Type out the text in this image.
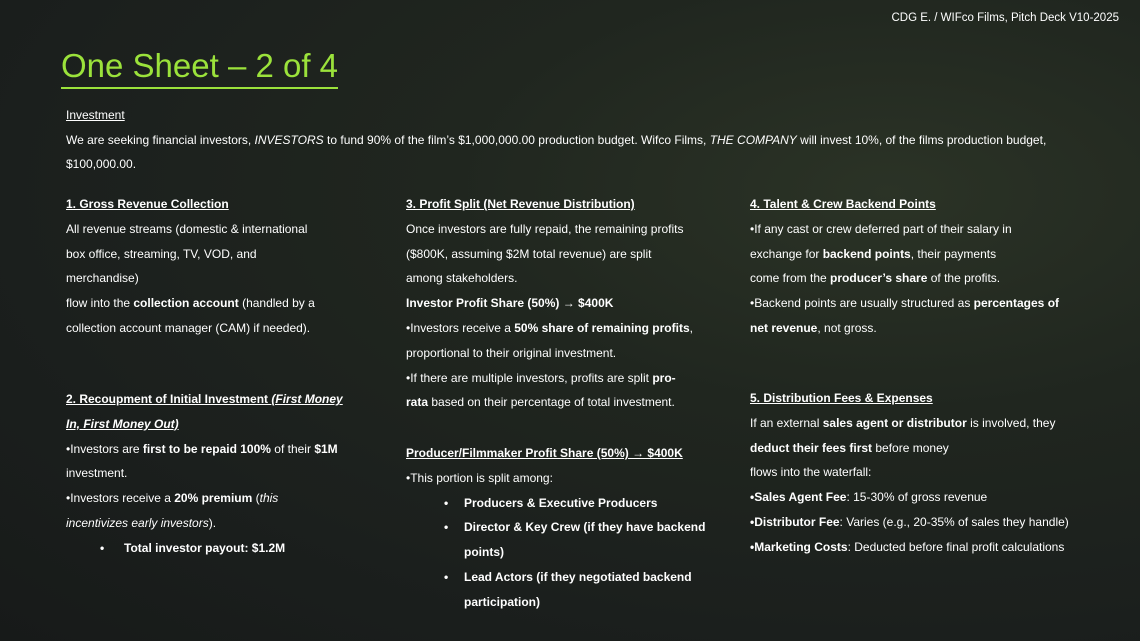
CDG E. / WIFco Films, Pitch Deck V10-2025
One Sheet – 2 of 4
Investment
We are seeking financial investors, INVESTORS to fund 90% of the film’s $1,000,000.00 production budget. Wifco Films, THE COMPANY will invest 10%, of the films production budget, $100,000.00.

1. Gross Revenue Collection

All revenue streams (domestic & international

box office, streaming, TV, VOD, and

merchandise)

flow into the collection account (handled by a

collection account manager (CAM) if needed).

2. Recoupment of Initial Investment (First Money

In, First Money Out)

•Investors are first to be repaid 100% of their $1M

investment.

•Investors receive a 20% premium (this

incentivizes early investors).

• Total investor payout: $1.2M

3. Profit Split (Net Revenue Distribution)

Once investors are fully repaid, the remaining profits

($800K, assuming $2M total revenue) are split

among stakeholders.

Investor Profit Share (50%) → $400K

•Investors receive a 50% share of remaining profits,

proportional to their original investment.

•If there are multiple investors, profits are split pro-

rata based on their percentage of total investment.

Producer/Filmmaker Profit Share (50%) → $400K

•This portion is split among:

• Producers & Executive Producers
• Director & Key Crew (if they have backend points)
• Lead Actors (if they negotiated backend participation)

4. Talent & Crew Backend Points

•If any cast or crew deferred part of their salary in

exchange for backend points, their payments

come from the producer’s share of the profits.

•Backend points are usually structured as percentages of

net revenue, not gross.

5. Distribution Fees & Expenses

If an external sales agent or distributor is involved, they

deduct their fees first before money

flows into the waterfall:

•Sales Agent Fee: 15-30% of gross revenue

•Distributor Fee: Varies (e.g., 20-35% of sales they handle)

•Marketing Costs: Deducted before final profit calculations
